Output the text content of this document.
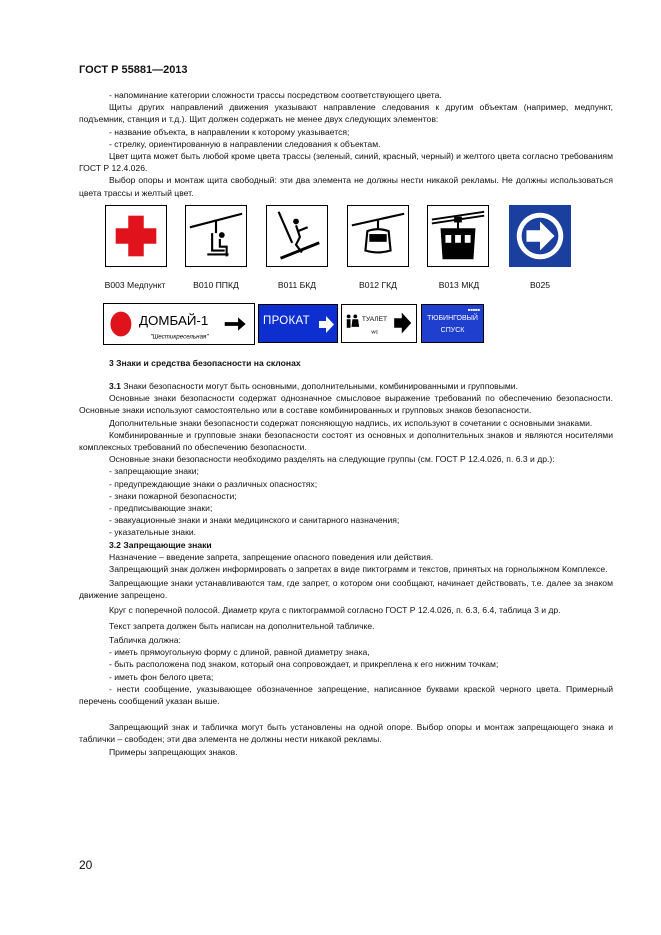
ГОСТ Р 55881—2013

- напоминание категории сложности трассы посредством соответствующего цвета.

Щиты других направлений движения указывают направление следования к другим объектам (например, медпункт, подъемник, станция и т.д.). Щит должен содержать не менее двух следующих элементов:

- название объекта, в направлении к которому указывается;

- стрелку, ориентированную в направлении следования к объектам.

Цвет щита может быть любой кроме цвета трассы (зеленый, синий, красный, черный) и желтого цвета согласно требованиям ГОСТ Р 12.4.026.

Выбор опоры и монтаж щита свободный: эти два элемента не должны нести никакой рекламы. Не должны использоваться цвета трассы и желтый цвет.

В003 Медпункт	В010 ППКД	В011 БКД	В012 ГКД	В013 МКД	В025
ДОМБАЙ-1
"Шестикресельная"
ПРОКАТ	ТУАЛЕТ
wc
■■■■■
ТЮБИНГОВЫЙ
СПУСК
3 Знаки и средства безопасности на склонах

3.1 Знаки безопасности могут быть основными, дополнительными, комбинированными и групповыми.

Основные знаки безопасности содержат однозначное смысловое выражение требований по обеспечению безопасности. Основные знаки используют самостоятельно или в составе комбинированных и групповых знаков безопасности.

Дополнительные знаки безопасности содержат поясняющую надпись, их используют в сочетании с основными знаками.

Комбинированные и групповые знаки безопасности состоят из основных и дополнительных знаков и являются носителями комплексных требований по обеспечению безопасности.

Основные знаки безопасности необходимо разделять на следующие группы (см. ГОСТ Р 12.4.026, п. 6.3 и др.):

- запрещающие знаки;

- предупреждающие знаки о различных опасностях;

- знаки пожарной безопасности;

- предписывающие знаки;

- эвакуационные знаки и знаки медицинского и санитарного назначения;

- указательные знаки.

3.2 Запрещающие знаки

Назначение – введение запрета, запрещение опасного поведения или действия.

Запрещающий знак должен информировать о запретах в виде пиктограмм и текстов, принятых на горнолыжном Комплексе.

Запрещающие знаки устанавливаются там, где запрет, о котором они сообщают, начинает действовать, т.е. далее за знаком движение запрещено.

Круг с поперечной полосой. Диаметр круга с пиктограммой согласно ГОСТ Р 12.4.026, п. 6.3, 6.4, таблица 3 и др.

Текст запрета должен быть написан на дополнительной табличке.

Табличка должна:

- иметь прямоугольную форму с длиной, равной диаметру знака,

- быть расположена под знаком, который она сопровождает, и прикреплена к его нижним точкам;

- иметь фон белого цвета;

- нести сообщение, указывающее обозначенное запрещение, написанное буквами краской черного цвета. Примерный перечень сообщений указан выше.

Запрещающий знак и табличка могут быть установлены на одной опоре. Выбор опоры и монтаж запрещающего знака и таблички – свободен; эти два элемента не должны нести никакой рекламы.

Примеры запрещающих знаков.

20
